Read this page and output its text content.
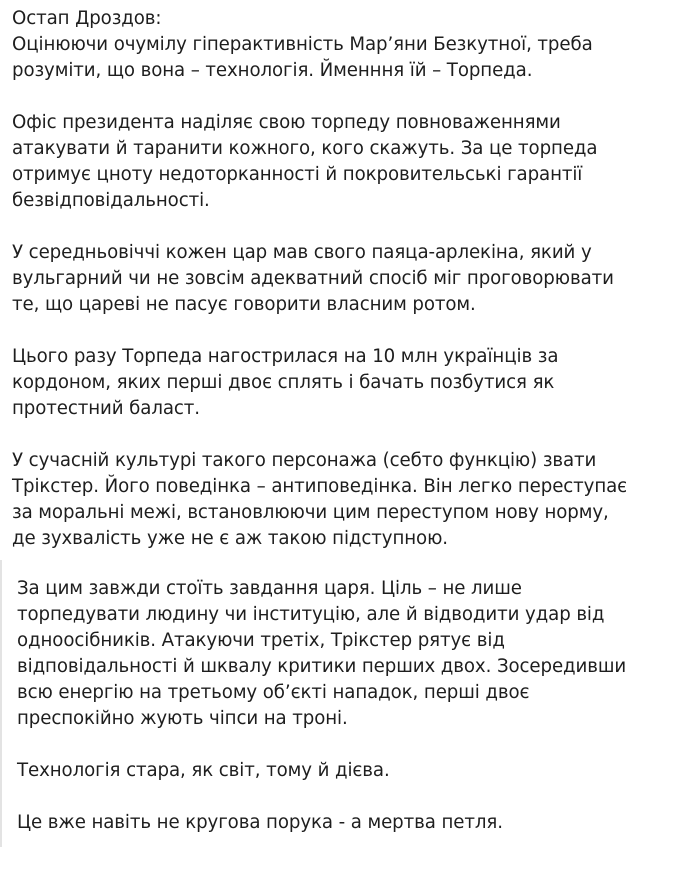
Остап Дроздов:

Оцінюючи очумілу гіперактивність Мар’яни Безкутної, треба
розуміти, що вона – технологія. Йменння їй – Торпеда.

Офіс президента наділяє свою торпеду повноваженнями
атакувати й таранити кожного, кого скажуть. За це торпеда
отримує цноту недоторканності й покровительські гарантії
безвідповідальності.

У середньовіччі кожен цар мав свого паяца-арлекіна, який у
вульгарний чи не зовсім адекватний спосіб міг проговорювати
те, що цареві не пасує говорити власним ротом.

Цього разу Торпеда нагострилася на 10 млн українців за
кордоном, яких перші двоє сплять і бачать позбутися як
протестний баласт.

У сучасній культурі такого персонажа (себто функцію) звати
Трікстер. Його поведінка – антиповедінка. Він легко переступає
за моральні межі, встановлюючи цим переступом нову норму,
де зухвалість уже не є аж такою підступною.

За цим завжди стоїть завдання царя. Ціль – не лише
торпедувати людину чи інституцію, але й відводити удар від
одноосібників. Атакуючи третіх, Трікстер рятує від
відповідальності й шквалу критики перших двох. Зосередивши
всю енергію на третьому об’єкті нападок, перші двоє
преспокійно жують чіпси на троні.

Технологія стара, як світ, тому й дієва.

Це вже навіть не кругова порука - а мертва петля.
